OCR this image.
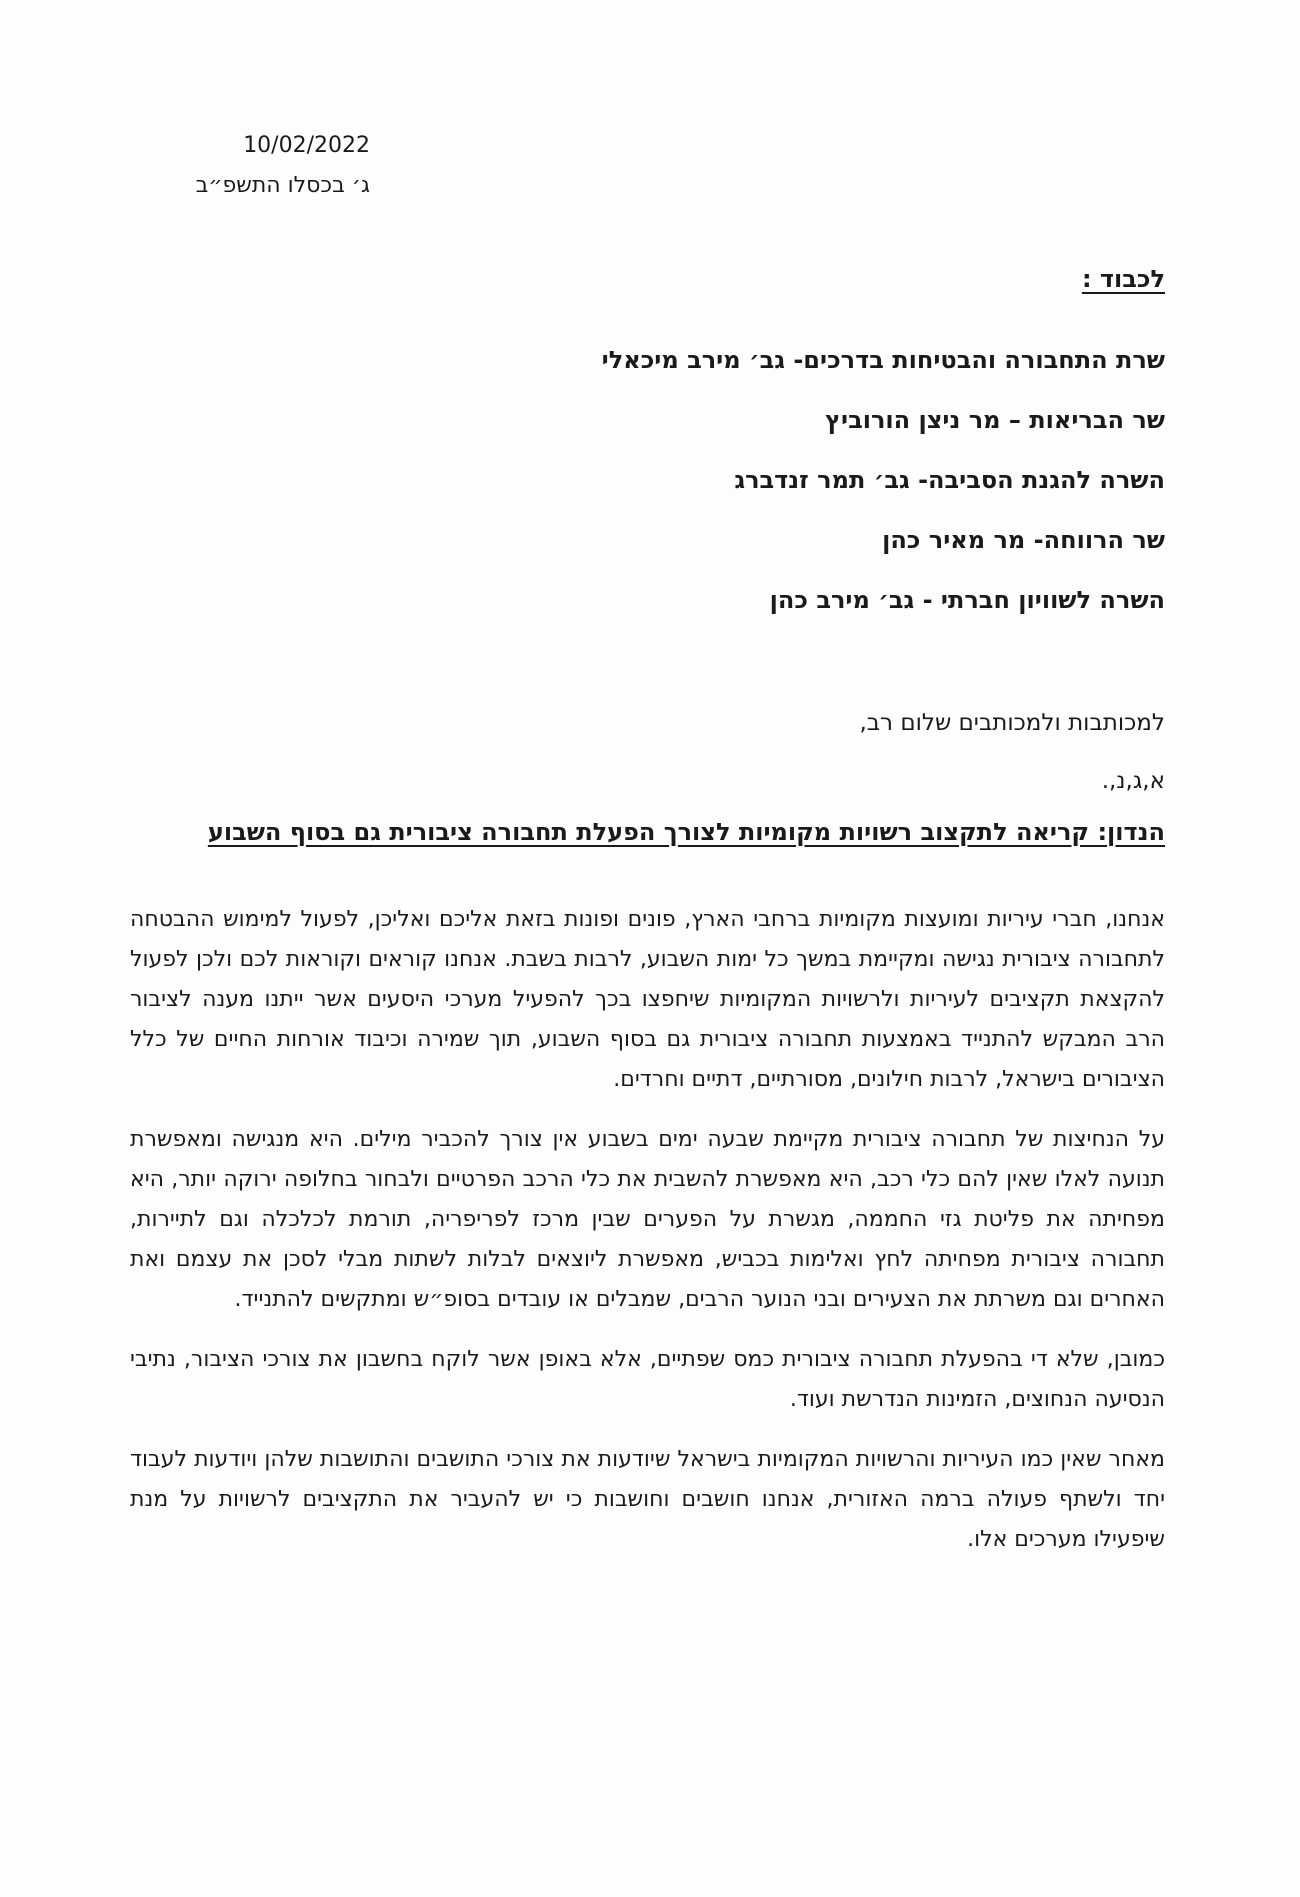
10/02/2022
ג׳ בכסלו התשפ״ב
לכבוד :
שרת התחבורה והבטיחות בדרכים- גב׳ מירב מיכאלי
שר הבריאות – מר ניצן הורוביץ
השרה להגנת הסביבה- גב׳ תמר זנדברג
שר הרווחה- מר מאיר כהן
השרה לשוויון חברתי - גב׳ מירב כהן
למכותבות ולמכותבים שלום רב,
א,ג,נ,.
הנדון: קריאה לתקצוב רשויות מקומיות לצורך הפעלת תחבורה ציבורית גם בסוף השבוע

אנחנו, חברי עיריות ומועצות מקומיות ברחבי הארץ, פונים ופונות בזאת אליכם ואליכן, לפעול למימוש ההבטחה לתחבורה ציבורית נגישה ומקיימת במשך כל ימות השבוע, לרבות בשבת. אנחנו קוראים וקוראות לכם ולכן לפעול להקצאת תקציבים לעיריות ולרשויות המקומיות שיחפצו בכך להפעיל מערכי היסעים אשר ייתנו מענה לציבור הרב המבקש להתנייד באמצעות תחבורה ציבורית גם בסוף השבוע, תוך שמירה וכיבוד אורחות החיים של כלל הציבורים בישראל, לרבות חילונים, מסורתיים, דתיים וחרדים.

על הנחיצות של תחבורה ציבורית מקיימת שבעה ימים בשבוע אין צורך להכביר מילים. היא מנגישה ומאפשרת תנועה לאלו שאין להם כלי רכב, היא מאפשרת להשבית את כלי הרכב הפרטיים ולבחור בחלופה ירוקה יותר, היא מפחיתה את פליטת גזי החממה, מגשרת על הפערים שבין מרכז לפריפריה, תורמת לכלכלה וגם לתיירות, תחבורה ציבורית מפחיתה לחץ ואלימות בכביש, מאפשרת ליוצאים לבלות לשתות מבלי לסכן את עצמם ואת האחרים וגם משרתת את הצעירים ובני הנוער הרבים, שמבלים או עובדים בסופ״ש ומתקשים להתנייד.

כמובן, שלא די בהפעלת תחבורה ציבורית כמס שפתיים, אלא באופן אשר לוקח בחשבון את צורכי הציבור, נתיבי הנסיעה הנחוצים, הזמינות הנדרשת ועוד.

מאחר שאין כמו העיריות והרשויות המקומיות בישראל שיודעות את צורכי התושבים והתושבות שלהן ויודעות לעבוד יחד ולשתף פעולה ברמה האזורית, אנחנו חושבים וחושבות כי יש להעביר את התקציבים לרשויות על מנת שיפעילו מערכים אלו.
